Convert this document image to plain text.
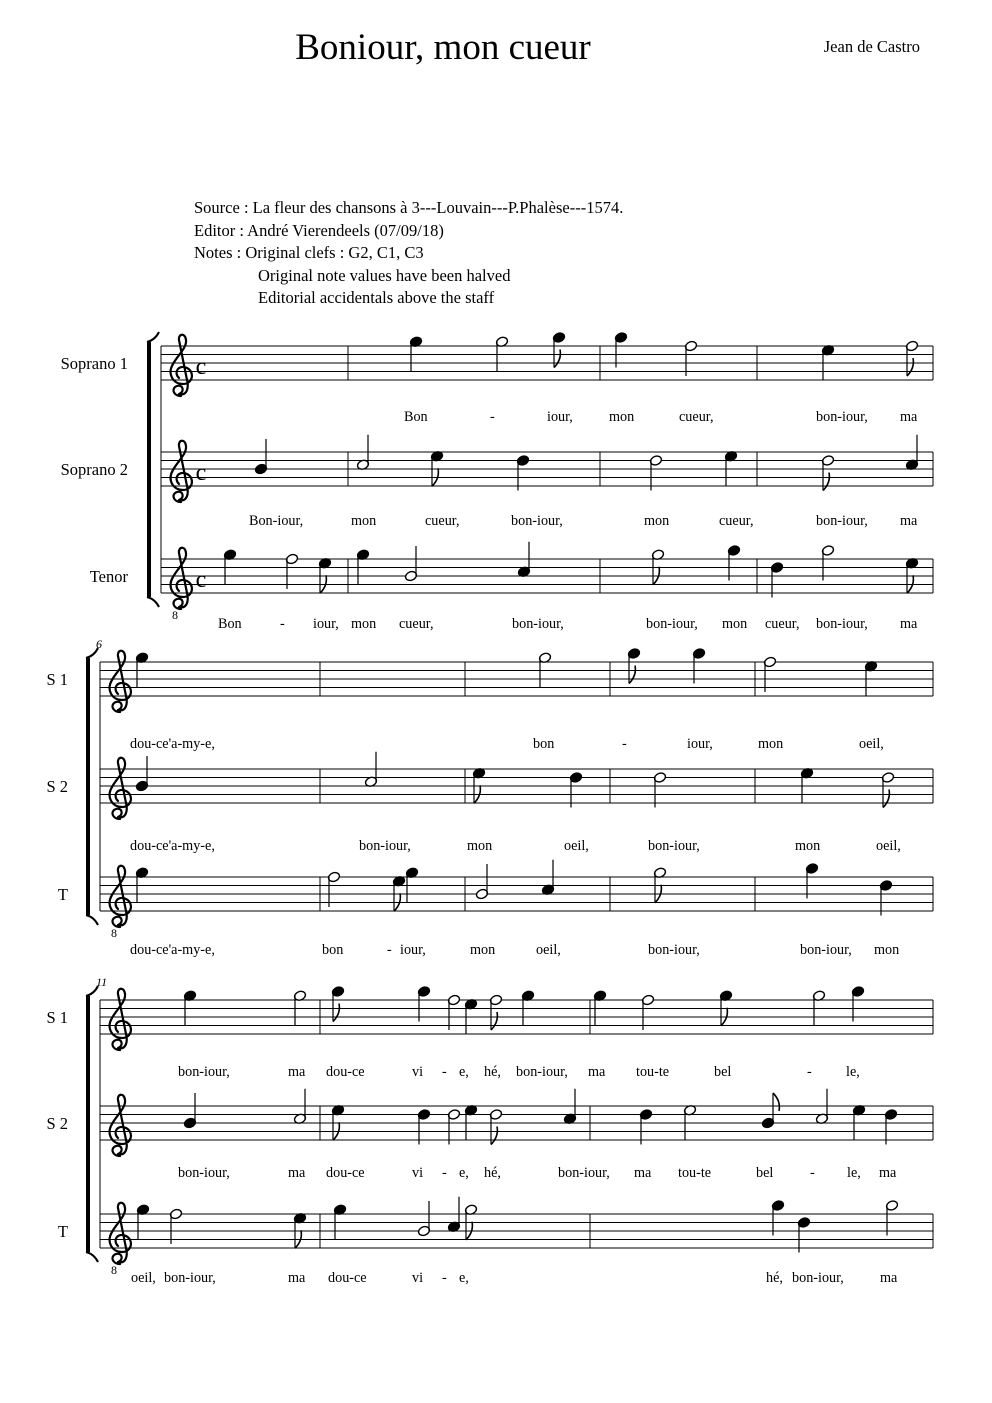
Boniour, mon cueur	Jean de Castro
Source : La fleur des chansons à 3---Louvain---P.Phalèse---1574.
Editor : André Vierendeels (07/09/18)
Notes : Original clefs : G2, C1, C3
Original note values have been halved
Editorial accidentals above the staff
c
c
8
c
6
8
11
8
Soprano 1
Bon	-	iour,	mon	cueur,	bon-iour, ma
Soprano 2
Bon-iour,	mon	cueur,	bon-iour,	mon	cueur,	bon-iour, ma
Tenor
Bon	- iour, mon cueur,	bon-iour,	bon-iour, mon cueur, bon-iour, ma
S 1
dou-ce'a-my-e,	bon	-	iour,	mon	oeil,
S 2
dou-ce'a-my-e,	bon-iour,	mon	oeil,	bon-iour,	mon	oeil,
T
dou-ce'a-my-e,	bon	- iour,	mon	oeil,	bon-iour,	bon-iour, mon
S 1
bon-iour,	ma dou-ce	vi - e, hé, bon-iour, ma tou-te	bel	- le,
S 2
bon-iour,	ma dou-ce	vi - e, hé,	bon-iour, ma tou-te	bel	- le, ma
T
oeil, bon-iour,	ma dou-ce	vi - e,	hé, bon-iour,	ma
